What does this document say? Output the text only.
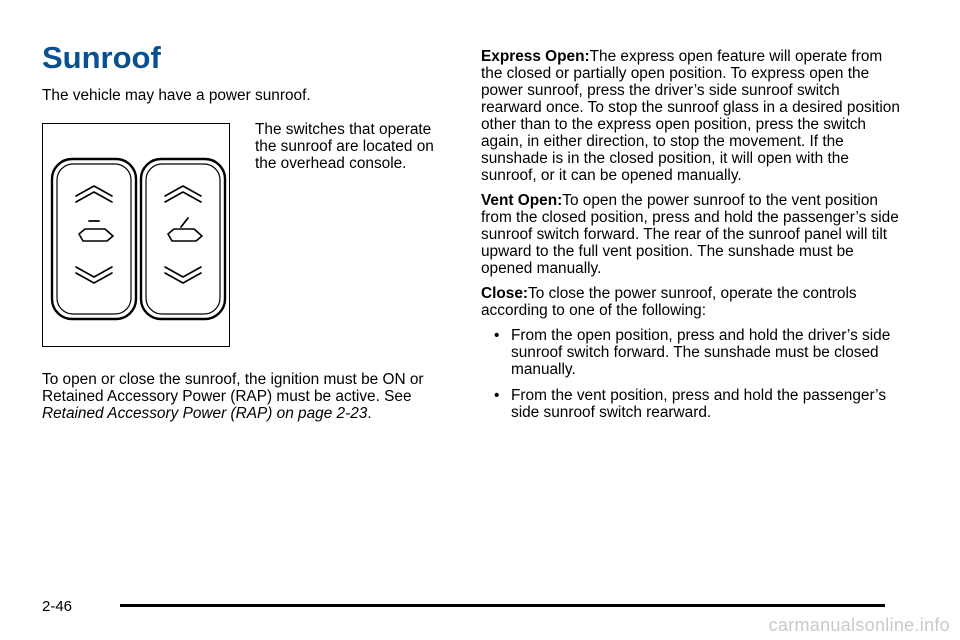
Sunroof
The vehicle may have a power sunroof.
The switches that operate the sunroof are located on the overhead console.
To open or close the sunroof, the ignition must be ON or Retained Accessory Power (RAP) must be active. See Retained Accessory Power (RAP) on page 2-23.

Express Open:The express open feature will operate from the closed or partially open position. To express open the power sunroof, press the driver’s side sunroof switch rearward once. To stop the sunroof glass in a desired position other than to the express open position, press the switch again, in either direction, to stop the movement. If the sunshade is in the closed position, it will open with the sunroof, or it can be opened manually.

Vent Open:To open the power sunroof to the vent position from the closed position, press and hold the passenger’s side sunroof switch forward. The rear of the sunroof panel will tilt upward to the full vent position. The sunshade must be opened manually.

Close:To close the power sunroof, operate the controls according to one of the following:

• From the open position, press and hold the driver’s side sunroof switch forward. The sunshade must be closed manually.
• From the vent position, press and hold the passenger’s side sunroof switch rearward.
2-46
carmanualsonline.info
